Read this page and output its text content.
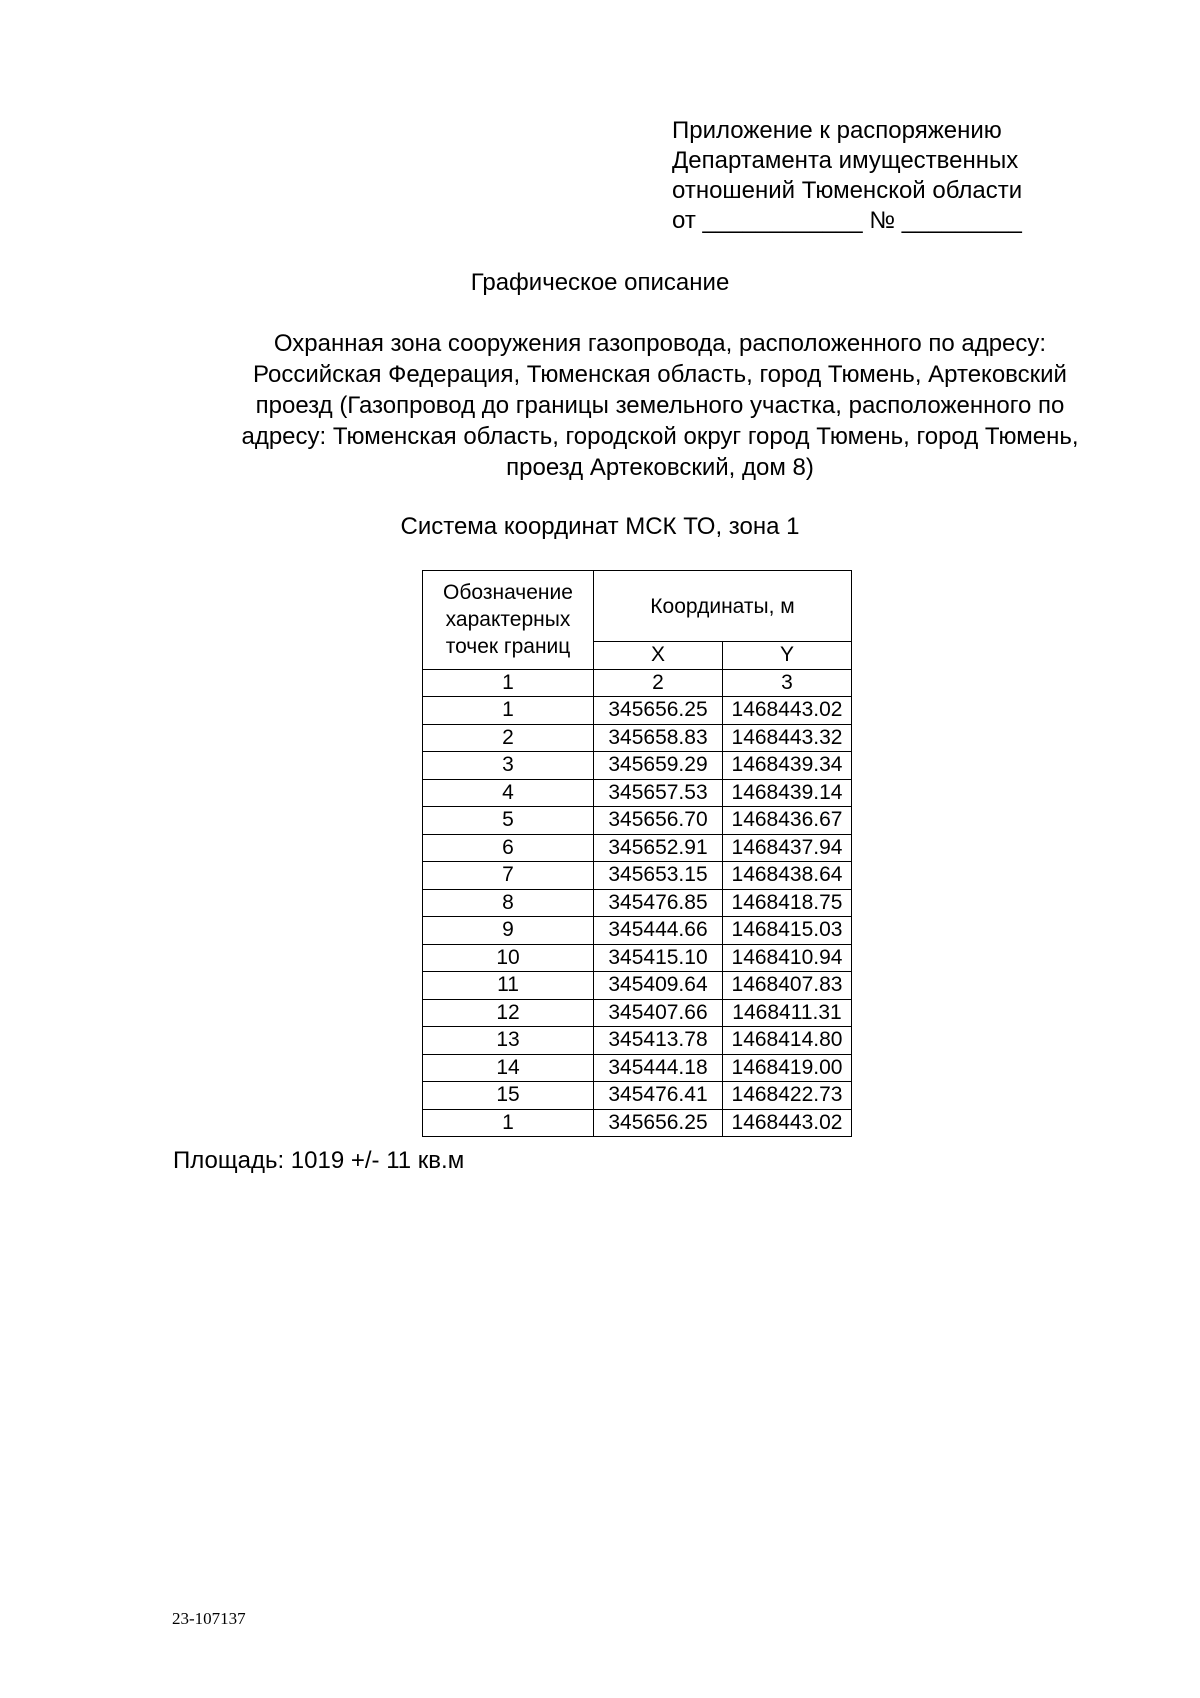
Приложение к распоряжению
Департамента имущественных
отношений Тюменской области
от ____________ № _________
Графическое описание
Охранная зона сооружения газопровода, расположенного по адресу:
Российская Федерация, Тюменская область, город Тюмень, Артековский
проезд (Газопровод до границы земельного участка, расположенного по
адресу: Тюменская область, городской округ город Тюмень, город Тюмень,
проезд Артековский, дом 8)
Система координат МСК ТО, зона 1
Обозначение
характерных
точек границ	Координаты, м	
	X	Y
1	2	3
1	345656.25	1468443.02
2	345658.83	1468443.32
3	345659.29	1468439.34
4	345657.53	1468439.14
5	345656.70	1468436.67
6	345652.91	1468437.94
7	345653.15	1468438.64
8	345476.85	1468418.75
9	345444.66	1468415.03
10	345415.10	1468410.94
11	345409.64	1468407.83
12	345407.66	1468411.31
13	345413.78	1468414.80
14	345444.18	1468419.00
15	345476.41	1468422.73
1	345656.25	1468443.02
Площадь: 1019 +/- 11 кв.м
23-107137
